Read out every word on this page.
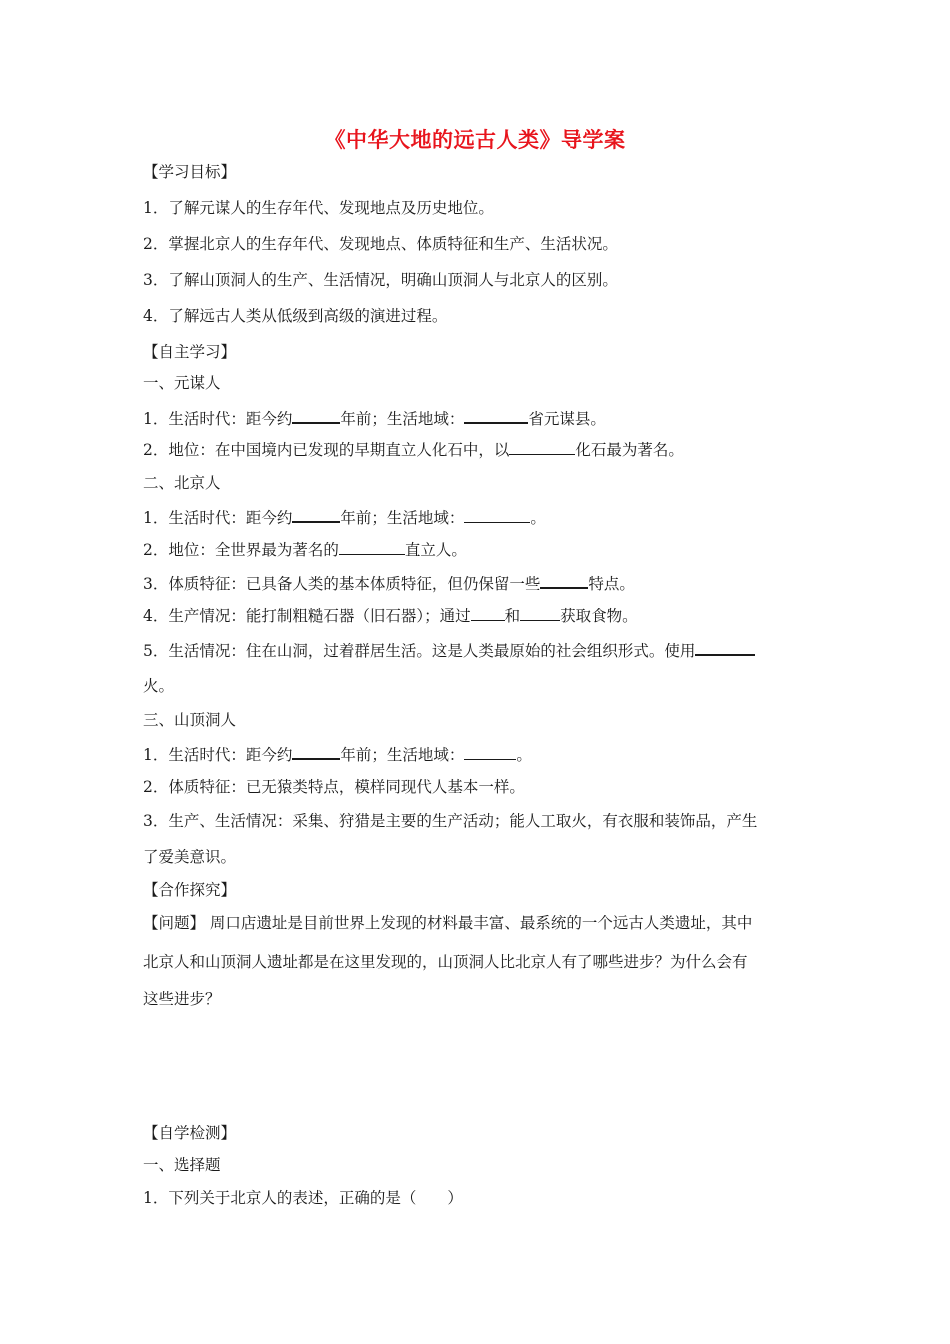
《中华大地的远古人类》导学案
【学习目标】
1．了解元谋人的生存年代、发现地点及历史地位。
2．掌握北京人的生存年代、发现地点、体质特征和生产、生活状况。
3．了解山顶洞人的生产、生活情况，明确山顶洞人与北京人的区别。
4．了解远古人类从低级到高级的演进过程。
【自主学习】
一、元谋人
1．生活时代：距今约	年前；生活地域：	省元谋县。
2．地位：在中国境内已发现的早期直立人化石中，以	化石最为著名。
二、北京人
1．生活时代：距今约	年前；生活地域：	。
2．地位：全世界最为著名的	直立人。
3．体质特征：已具备人类的基本体质特征，但仍保留一些	特点。
4．生产情况：能打制粗糙石器（旧石器）；通过 和	获取食物。
5．生活情况：住在山洞，过着群居生活。这是人类最原始的社会组织形式。使用
火。
三、山顶洞人
1．生活时代：距今约	年前；生活地域：	。
2．体质特征：已无猿类特点，模样同现代人基本一样。
3．生产、生活情况：采集、狩猎是主要的生产活动；能人工取火，有衣服和装饰品，产生
了爱美意识。
【合作探究】
【问题】 周口店遗址是目前世界上发现的材料最丰富、最系统的一个远古人类遗址，其中
北京人和山顶洞人遗址都是在这里发现的，山顶洞人比北京人有了哪些进步？为什么会有
这些进步？
【自学检测】
一、选择题
1．下列关于北京人的表述，正确的是（　　）
